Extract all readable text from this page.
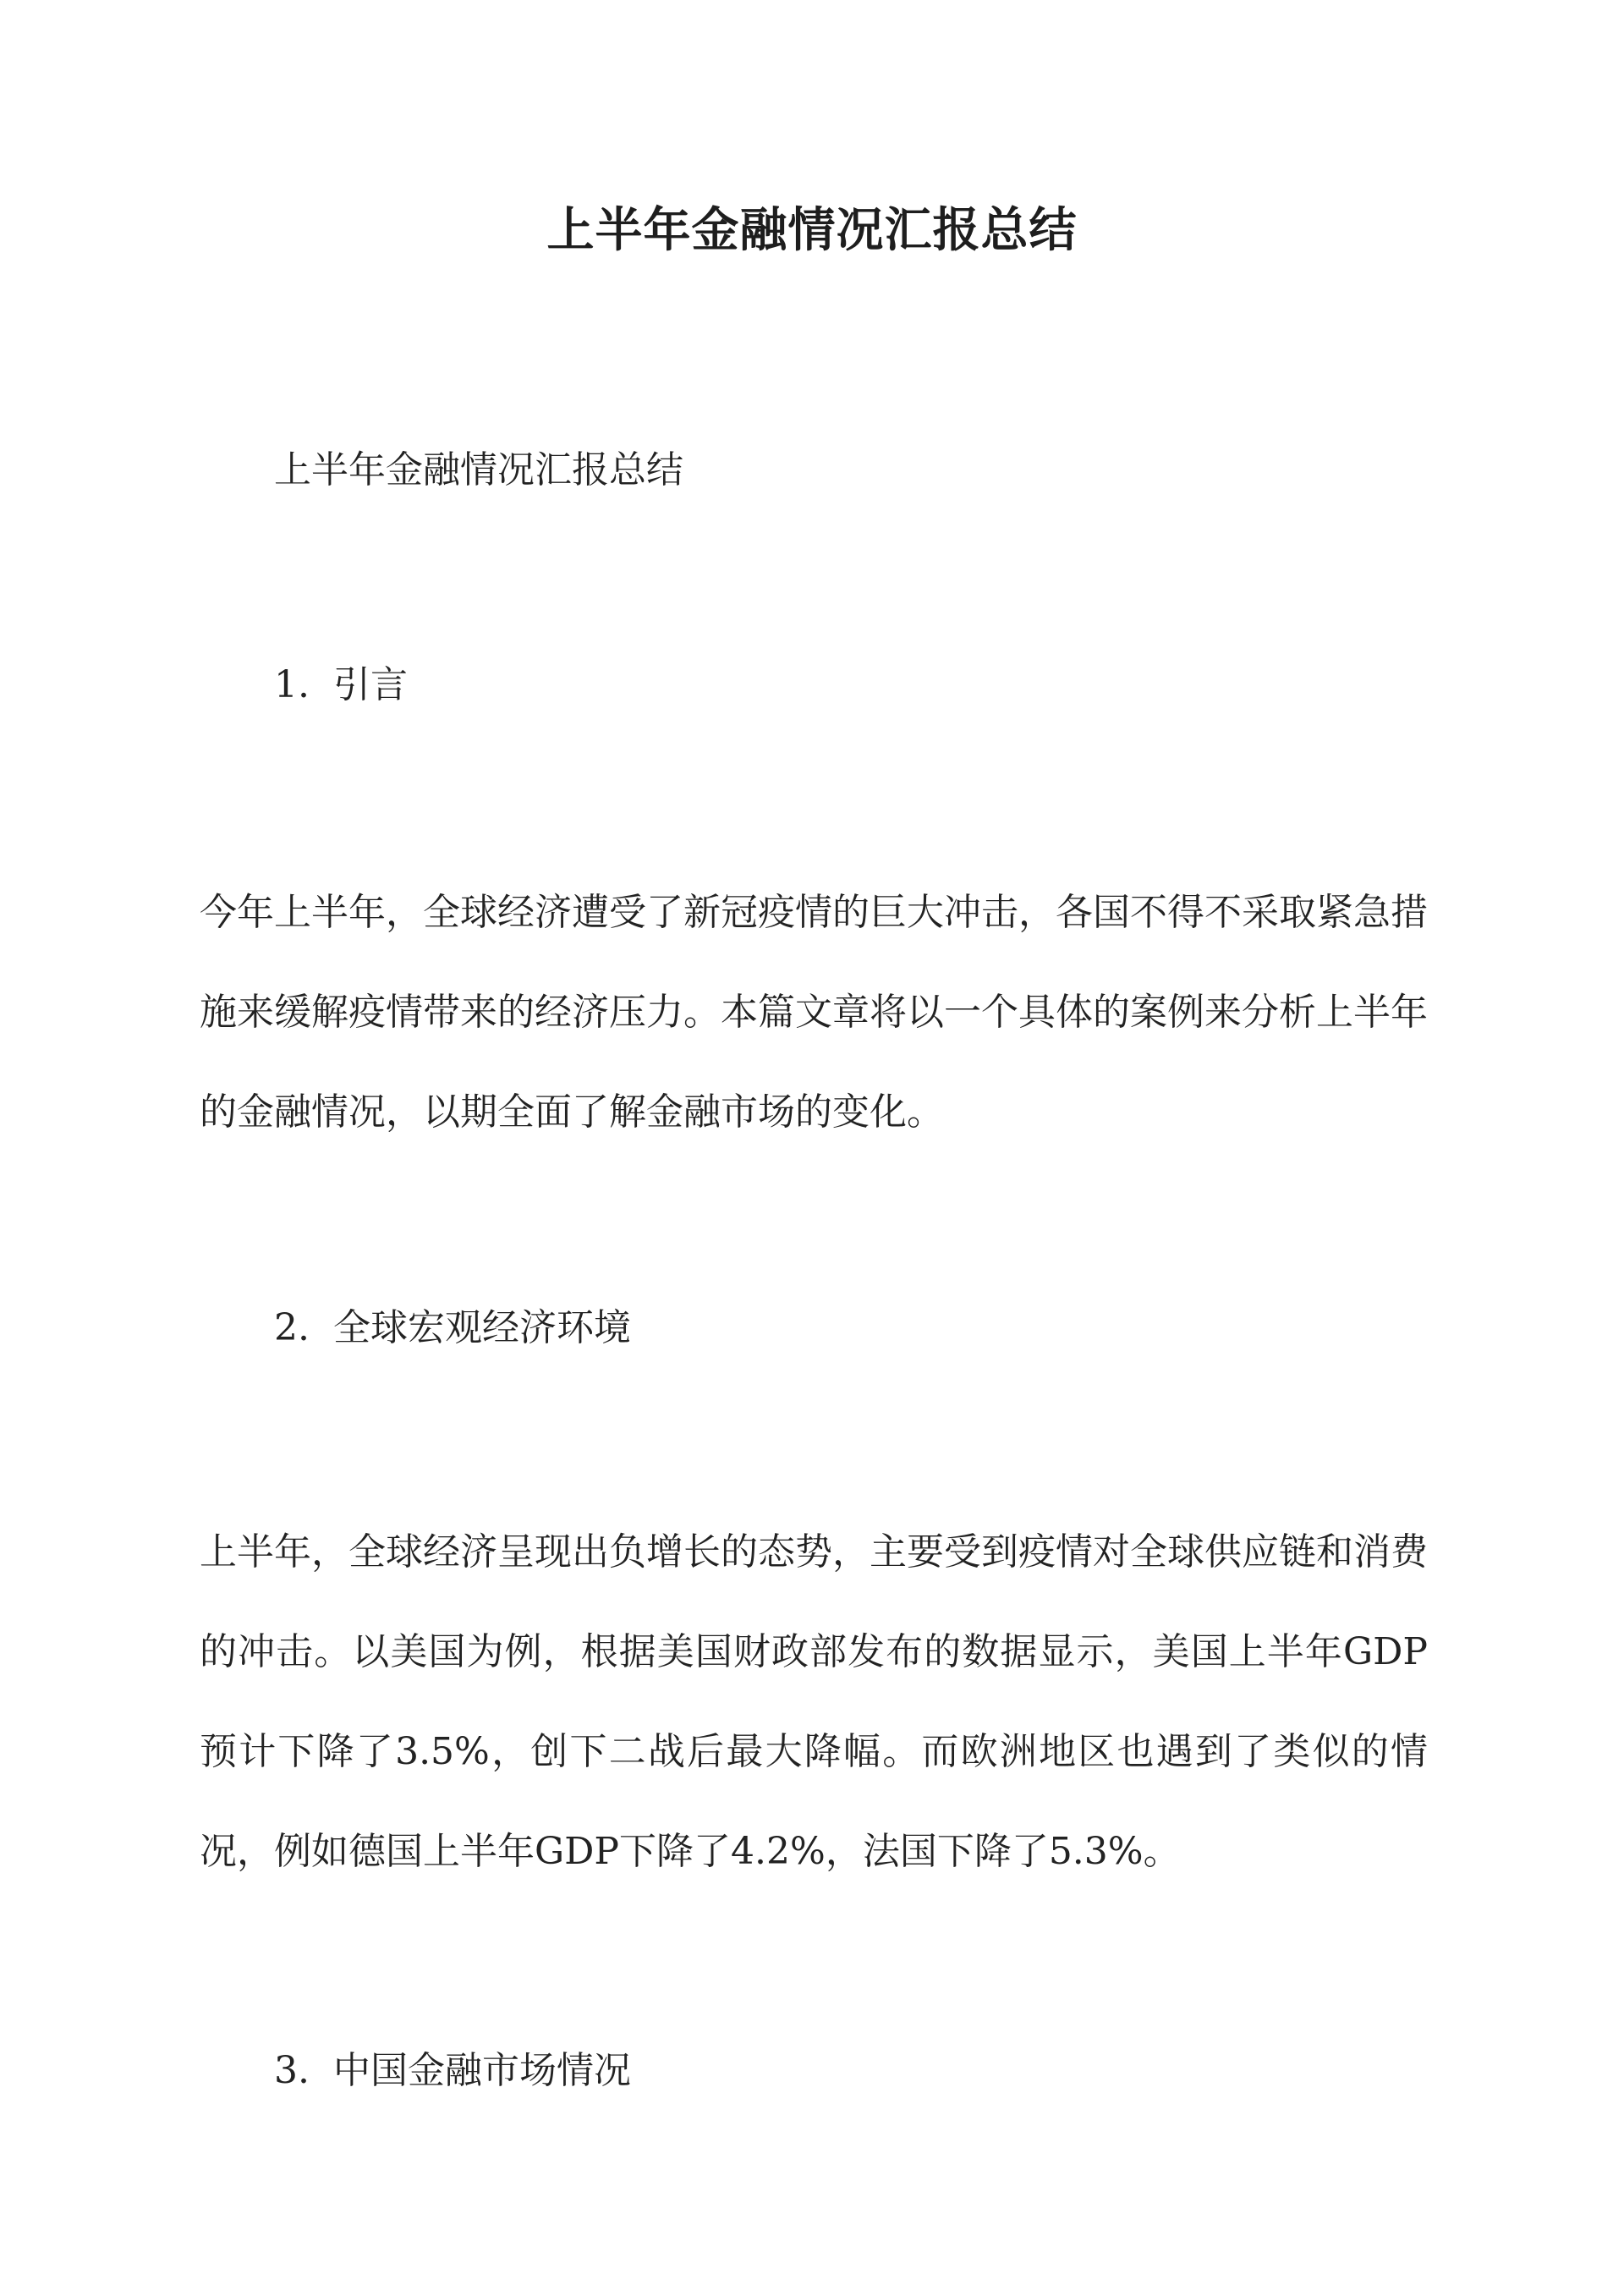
上半年金融情况汇报总结
上半年金融情况汇报总结
1. 引言
今年上半年，全球经济遭受了新冠疫情的巨大冲击，各国不得不采取紧急措施来缓解疫情带来的经济压力。本篇文章将以一个具体的案例来分析上半年的金融情况，以期全面了解金融市场的变化。
2. 全球宏观经济环境
上半年，全球经济呈现出负增长的态势，主要受到疫情对全球供应链和消费的冲击。以美国为例，根据美国财政部发布的数据显示，美国上半年GDP预计下降了3.5%，创下二战后最大降幅。而欧洲地区也遇到了类似的情况，例如德国上半年GDP下降了4.2%，法国下降了5.3%。
3. 中国金融市场情况
